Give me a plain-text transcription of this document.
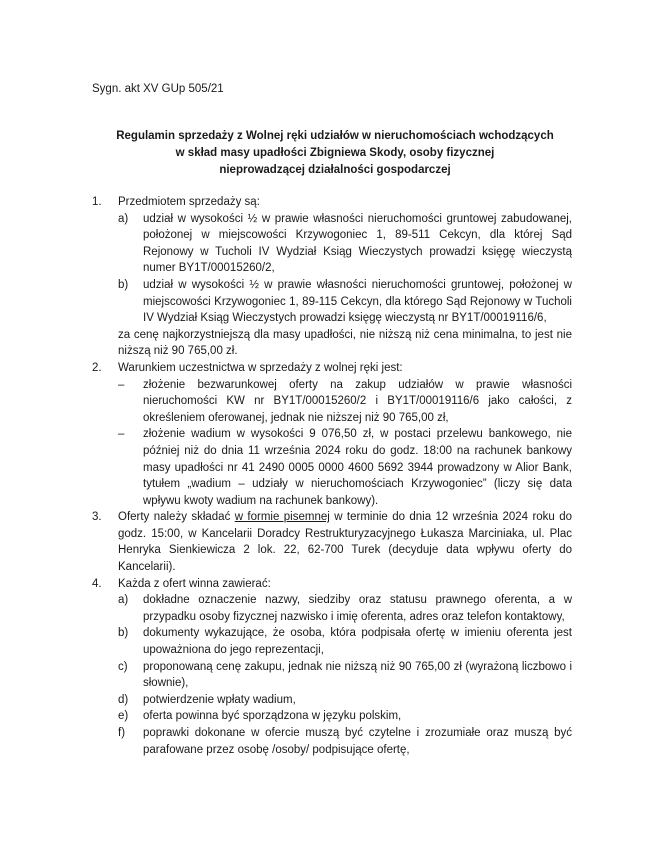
Sygn. akt XV GUp 505/21

Regulamin sprzedaży z Wolnej ręki udziałów w nieruchomościach wchodzących
w skład masy upadłości Zbigniewa Skody, osoby fizycznej
nieprowadzącej działalności gospodarczej
1. Przedmiotem sprzedaży są:

a) udział w wysokości ½ w prawie własności nieruchomości gruntowej zabudowanej, położonej w miejscowości Krzywogoniec 1, 89-511 Cekcyn, dla której Sąd Rejonowy w Tucholi IV Wydział Ksiąg Wieczystych prowadzi księgę wieczystą numer BY1T/00015260/2,
b) udział w wysokości ½ w prawie własności nieruchomości gruntowej, położonej w miejscowości Krzywogoniec 1, 89-115 Cekcyn, dla którego Sąd Rejonowy w Tucholi IV Wydział Ksiąg Wieczystych prowadzi księgę wieczystą nr BY1T/00019116/6,

za cenę najkorzystniejszą dla masy upadłości, nie niższą niż cena minimalna, to jest nie niższą niż 90 765,00 zł.

2. Warunkiem uczestnictwa w sprzedaży z wolnej ręki jest:

– złożenie bezwarunkowej oferty na zakup udziałów w prawie własności nieruchomości KW nr BY1T/00015260/2 i BY1T/00019116/6 jako całości, z określeniem oferowanej, jednak nie niższej niż 90 765,00 zł,
– złożenie wadium w wysokości 9 076,50 zł, w postaci przelewu bankowego, nie później niż do dnia 11 września 2024 roku do godz. 18:00 na rachunek bankowy masy upadłości nr 41 2490 0005 0000 4600 5692 3944 prowadzony w Alior Bank, tytułem „wadium – udziały w nieruchomościach Krzywogoniec” (liczy się data wpływu kwoty wadium na rachunek bankowy).
3. Oferty należy składać w formie pisemnej w terminie do dnia 12 września 2024 roku do godz. 15:00, w Kancelarii Doradcy Restrukturyzacyjnego Łukasza Marciniaka, ul. Plac Henryka Sienkiewicza 2 lok. 22, 62-700 Turek (decyduje data wpływu oferty do Kancelarii).

4. Każda z ofert winna zawierać:

a) dokładne oznaczenie nazwy, siedziby oraz statusu prawnego oferenta, a w przypadku osoby fizycznej nazwisko i imię oferenta, adres oraz telefon kontaktowy,
b) dokumenty wykazujące, że osoba, która podpisała ofertę w imieniu oferenta jest upoważniona do jego reprezentacji,
c) proponowaną cenę zakupu, jednak nie niższą niż 90 765,00 zł (wyrażoną liczbowo i słownie),
d) potwierdzenie wpłaty wadium,
e) oferta powinna być sporządzona w języku polskim,
f) poprawki dokonane w ofercie muszą być czytelne i zrozumiałe oraz muszą być parafowane przez osobę /osoby/ podpisujące ofertę,
